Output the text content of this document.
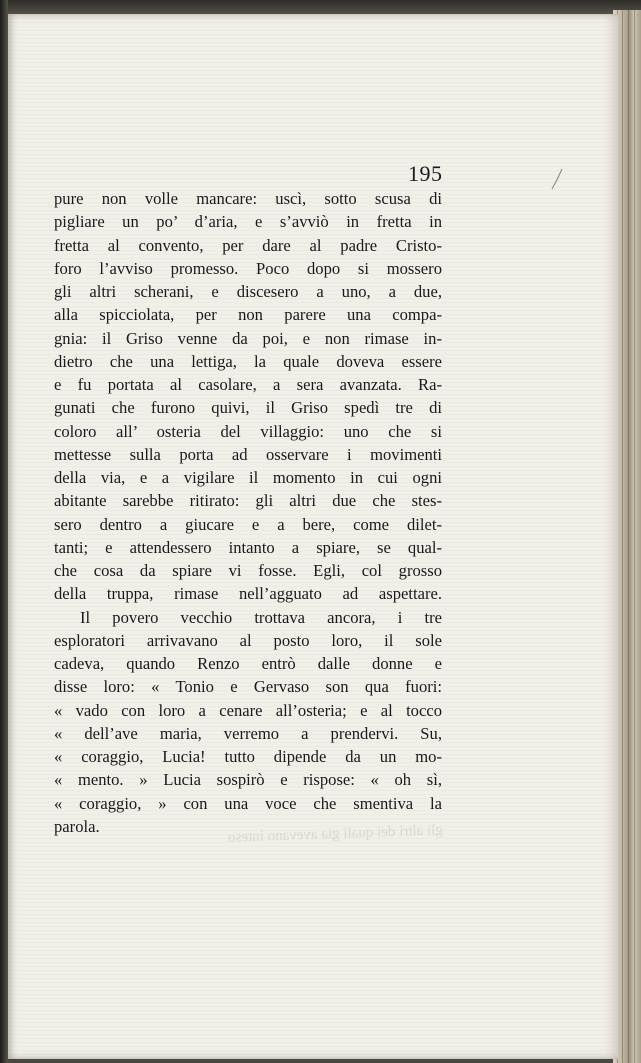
gli altri dei quali gia avevano inteso
195
pure non volle mancare: uscì, sotto scusa di
pigliare un po’ d’aria, e s’avviò in fretta in
fretta al convento, per dare al padre Cristo-
foro l’avviso promesso. Poco dopo si mossero
gli altri scherani, e discesero a uno, a due,
alla spicciolata, per non parere una compa-
gnia: il Griso venne da poi, e non rimase in-
dietro che una lettiga, la quale doveva essere
e fu portata al casolare, a sera avanzata. Ra-
gunati che furono quivi, il Griso spedì tre di
coloro all’ osteria del villaggio: uno che si
mettesse sulla porta ad osservare i movimenti
della via, e a vigilare il momento in cui ogni
abitante sarebbe ritirato: gli altri due che stes-
sero dentro a giucare e a bere, come dilet-
tanti; e attendessero intanto a spiare, se qual-
che cosa da spiare vi fosse. Egli, col grosso
della truppa, rimase nell’agguato ad aspettare.
Il povero vecchio trottava ancora, i tre
esploratori arrivavano al posto loro, il sole
cadeva, quando Renzo entrò dalle donne e
disse loro: « Tonio e Gervaso son qua fuori:
« vado con loro a cenare all’osteria; e al tocco
« dell’ave maria, verremo a prendervi. Su,
« coraggio, Lucia! tutto dipende da un mo-
« mento. » Lucia sospirò e rispose: « oh sì,
« coraggio, » con una voce che smentiva la
parola.
